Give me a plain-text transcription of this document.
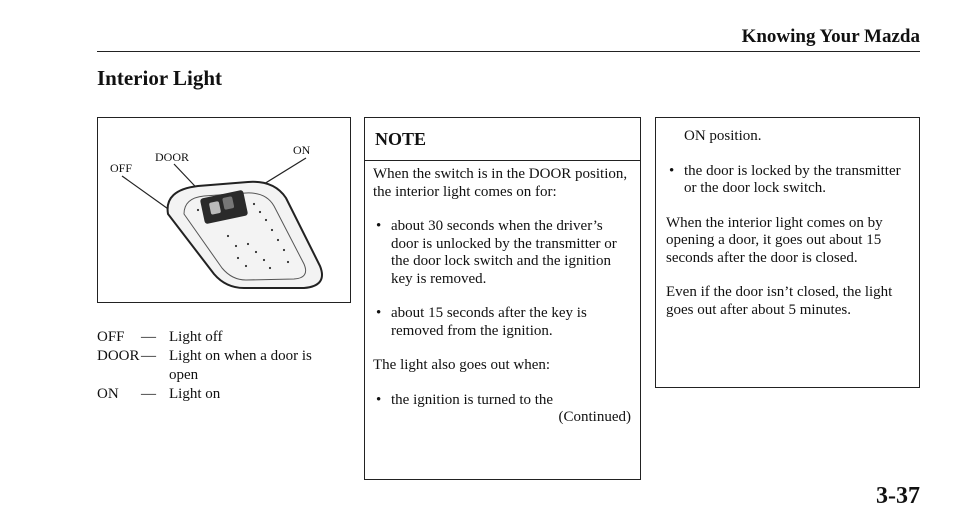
Knowing Your Mazda
Interior Light
ON
DOOR
OFF
OFF — Light off
DOOR — Light on when a door is open
ON — Light on
NOTE

When the switch is in the DOOR position, the interior light comes on for:

• about 30 seconds when the driver’s door is unlocked by the transmitter or the door lock switch and the ignition key is removed.
• about 15 seconds after the key is removed from the ignition.

The light also goes out when:

• the ignition is turned to the
(Continued)
ON position.
• the door is locked by the transmitter or the door lock switch.

When the interior light comes on by opening a door, it goes out about 15 seconds after the door is closed.

Even if the door isn’t closed, the light goes out after about 5 minutes.

3-37
